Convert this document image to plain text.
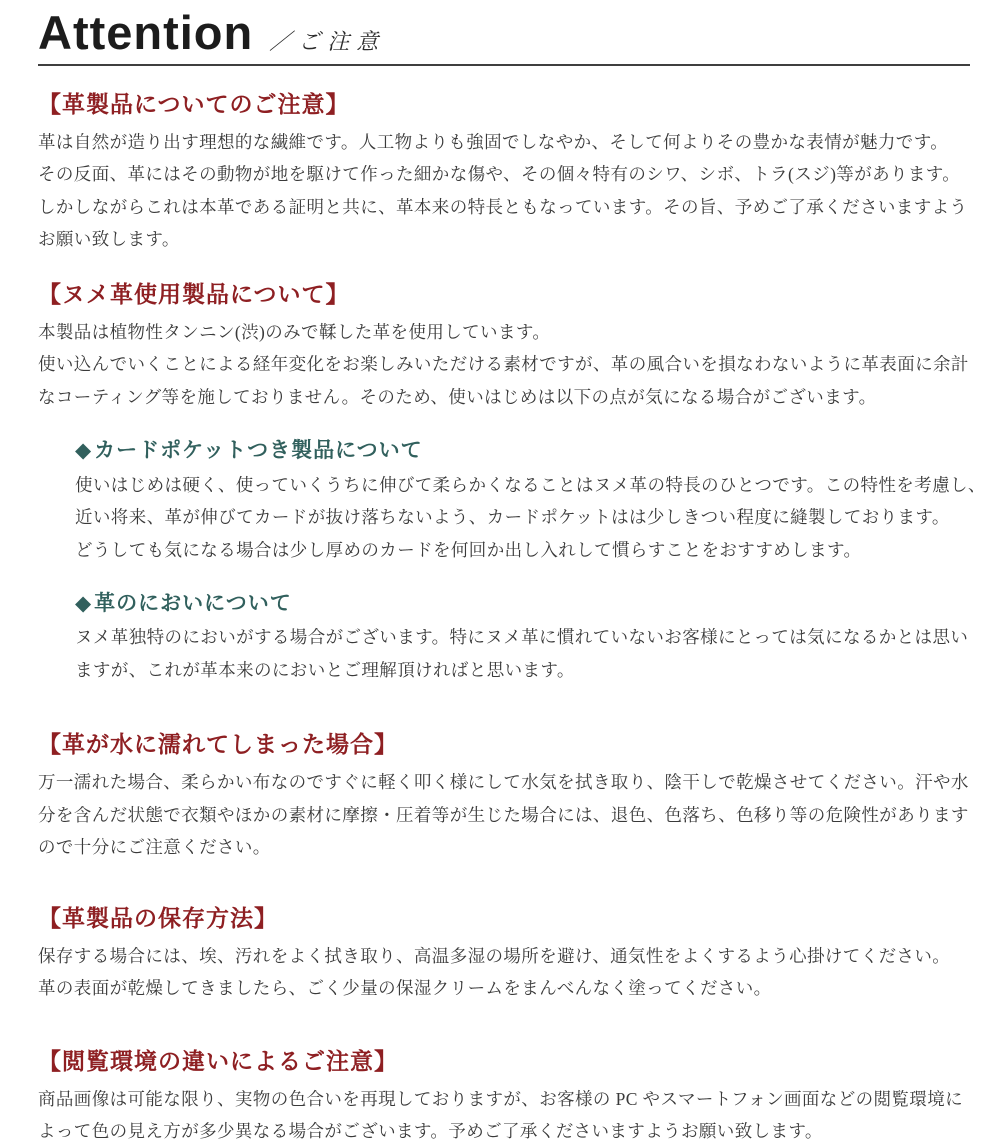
Attention ／ご注意
【革製品についてのご注意】
革は自然が造り出す理想的な繊維です。人工物よりも強固でしなやか、そして何よりその豊かな表情が魅力です。
その反面、革にはその動物が地を駆けて作った細かな傷や、その個々特有のシワ、シボ、トラ(スジ)等があります。
しかしながらこれは本革である証明と共に、革本来の特長ともなっています。その旨、予めご了承くださいますよう
お願い致します。
【ヌメ革使用製品について】
本製品は植物性タンニン(渋)のみで鞣した革を使用しています。
使い込んでいくことによる経年変化をお楽しみいただける素材ですが、革の風合いを損なわないように革表面に余計
なコーティング等を施しておりません。そのため、使いはじめは以下の点が気になる場合がございます。
◆カードポケットつき製品について
使いはじめは硬く、使っていくうちに伸びて柔らかくなることはヌメ革の特長のひとつです。この特性を考慮し、
近い将来、革が伸びてカードが抜け落ちないよう、カードポケットはは少しきつい程度に縫製しております。
どうしても気になる場合は少し厚めのカードを何回か出し入れして慣らすことをおすすめします。
◆革のにおいについて
ヌメ革独特のにおいがする場合がございます。特にヌメ革に慣れていないお客様にとっては気になるかとは思い
ますが、これが革本来のにおいとご理解頂ければと思います。
【革が水に濡れてしまった場合】
万一濡れた場合、柔らかい布なのですぐに軽く叩く様にして水気を拭き取り、陰干しで乾燥させてください。汗や水
分を含んだ状態で衣類やほかの素材に摩擦・圧着等が生じた場合には、退色、色落ち、色移り等の危険性があります
ので十分にご注意ください。
【革製品の保存方法】
保存する場合には、埃、汚れをよく拭き取り、高温多湿の場所を避け、通気性をよくするよう心掛けてください。
革の表面が乾燥してきましたら、ごく少量の保湿クリームをまんべんなく塗ってください。
【閲覧環境の違いによるご注意】
商品画像は可能な限り、実物の色合いを再現しておりますが、お客様の PC やスマートフォン画面などの閲覧環境に
よって色の見え方が多少異なる場合がございます。予めご了承くださいますようお願い致します。
